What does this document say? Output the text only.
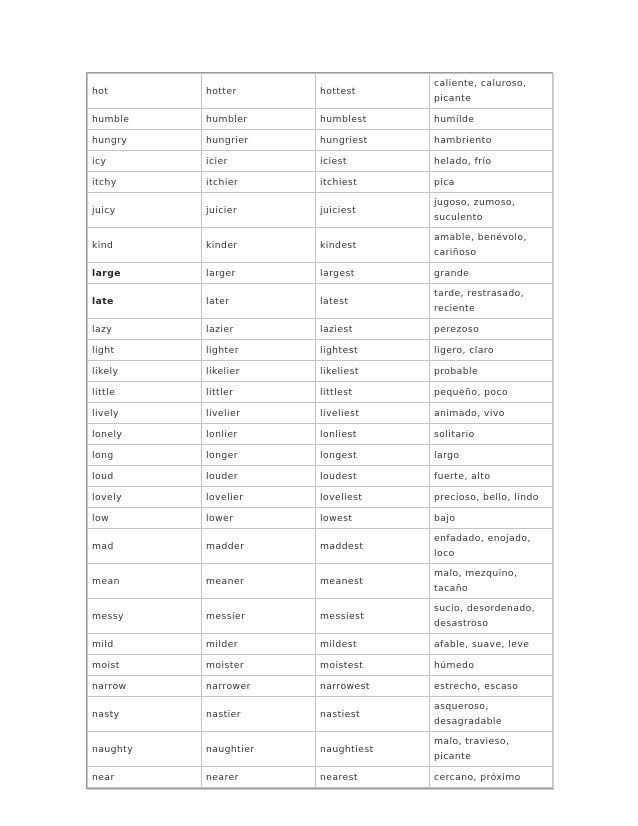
hot	hotter	hottest	caliente, caluroso, picante
humble	humbler	humblest	humilde
hungry	hungrier	hungriest	hambriento
icy	icier	iciest	helado, frío
itchy	itchier	itchiest	pica
juicy	juicier	juiciest	jugoso, zumoso, suculento
kind	kinder	kindest	amable, benévolo, cariñoso
large	larger	largest	grande
late	later	latest	tarde, restrasado, reciente
lazy	lazier	laziest	perezoso
light	lighter	lightest	ligero, claro
likely	likelier	likeliest	probable
little	littler	littlest	pequeño, poco
lively	livelier	liveliest	animado, vivo
lonely	lonlier	lonliest	solitario
long	longer	longest	largo
loud	louder	loudest	fuerte, alto
lovely	lovelier	loveliest	precioso, bello, lindo
low	lower	lowest	bajo
mad	madder	maddest	enfadado, enojado, loco
mean	meaner	meanest	malo, mezquino, tacaño
messy	messier	messiest	sucio, desordenado, desastroso
mild	milder	mildest	afable, suave, leve
moist	moister	moistest	húmedo
narrow	narrower	narrowest	estrecho, escaso
nasty	nastier	nastiest	asqueroso, desagradable
naughty	naughtier	naughtiest	malo, travieso, picante
near	nearer	nearest	cercano, próximo
